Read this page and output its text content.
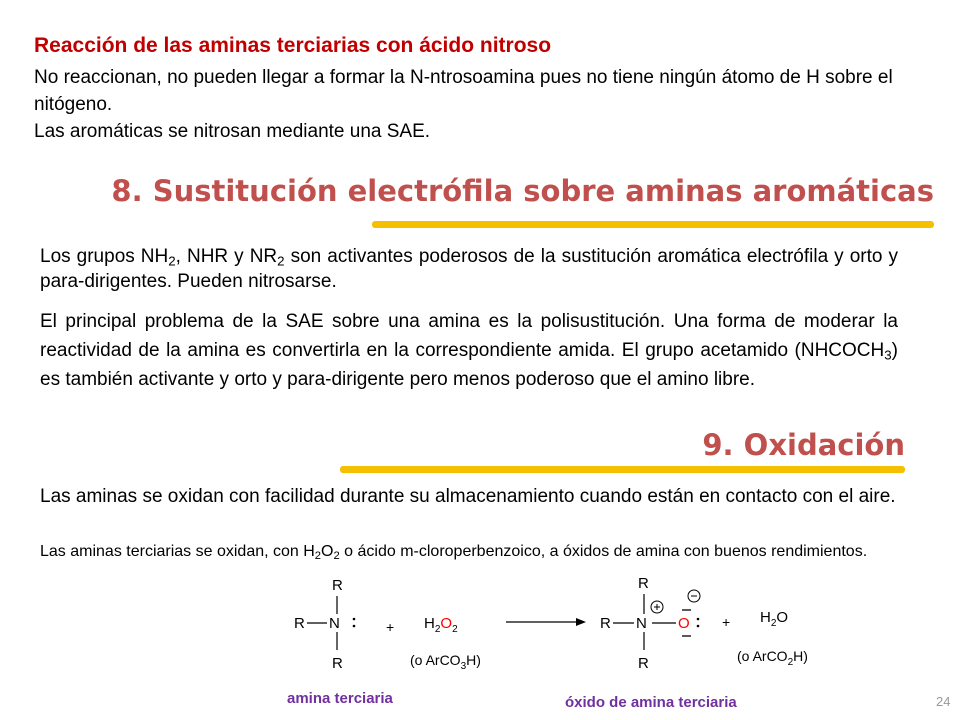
Reacción de las aminas terciarias con ácido nitroso
No reaccionan, no pueden llegar a formar la N-ntrosoamina pues no tiene ningún átomo de H sobre el nitógeno.
Las aromáticas se nitrosan mediante una SAE.
8. Sustitución electrófila sobre aminas aromáticas
Los grupos $NH_2$, NHR y $NR_2$ son activantes poderosos de la sustitución aromática electrófila y orto y para-dirigentes. Pueden nitrosarse.
El principal problema de la SAE sobre una amina es la polisustitución. Una forma de moderar la reactividad de la amina es convertirla en la correspondiente amida. El grupo acetamido $(NHCOCH_3)$ es también activante y orto y para-dirigente pero menos poderoso que el amino libre.
9. Oxidación
Las aminas se oxidan con facilidad durante su almacenamiento cuando están en contacto con el aire.
Las aminas terciarias se oxidan, con $H_2O_2$ o ácido m-cloroperbenzoico, a óxidos de amina con buenos rendimientos.
R
R N
R
+ $H_2O_2$
(o ArCO$_3$H)
R
R N O
R
+ $H_2O$
(o ArCO$_2$H)
amina terciaria	óxido de amina terciaria	24
